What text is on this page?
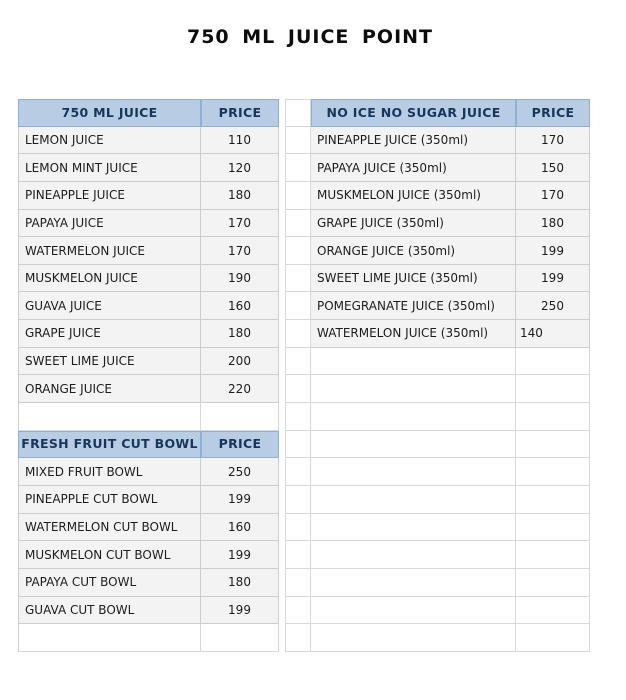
750 ML JUICE POINT
750 ML JUICE	PRICE	NO ICE NO SUGAR JUICE	PRICE
LEMON JUICE	110	PINEAPPLE JUICE (350ml)	170
LEMON MINT JUICE	120	PAPAYA JUICE (350ml)	150
PINEAPPLE JUICE	180	MUSKMELON JUICE (350ml)	170
PAPAYA JUICE	170	GRAPE JUICE (350ml)	180
WATERMELON JUICE	170	ORANGE JUICE (350ml)	199
MUSKMELON JUICE	190	SWEET LIME JUICE (350ml)	199
GUAVA JUICE	160	POMEGRANATE JUICE (350ml)	250
GRAPE JUICE	180	WATERMELON JUICE (350ml)	140
SWEET LIME JUICE	200
ORANGE JUICE	220
FRESH FRUIT CUT BOWL	PRICE
MIXED FRUIT BOWL	250
PINEAPPLE CUT BOWL	199
WATERMELON CUT BOWL	160
MUSKMELON CUT BOWL	199
PAPAYA CUT BOWL	180
GUAVA CUT BOWL	199
